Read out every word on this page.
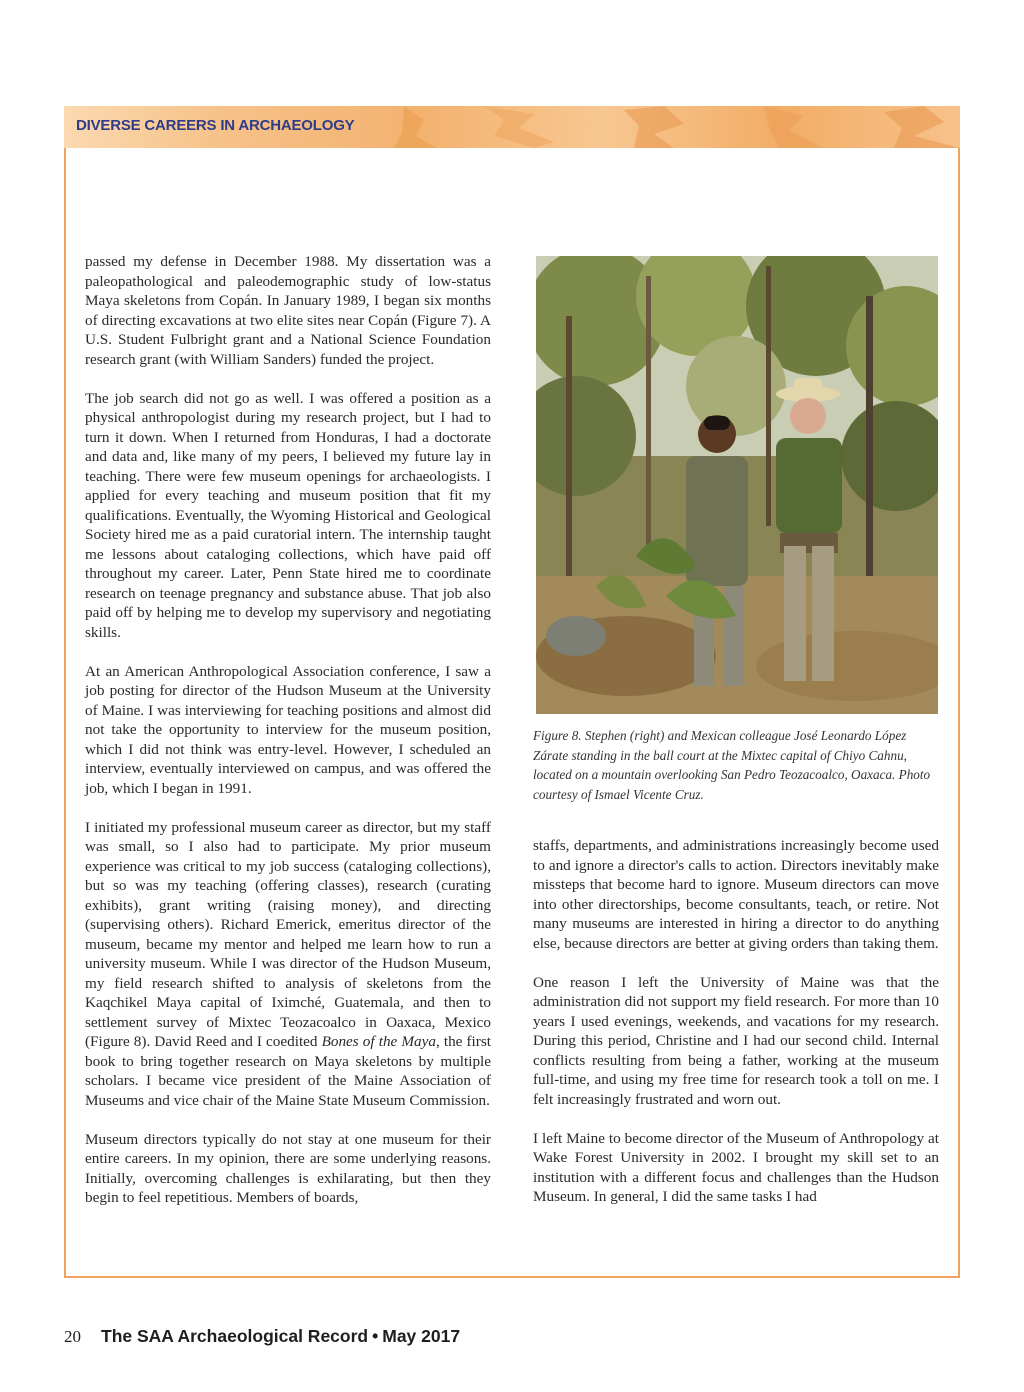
DIVERSE CAREERS IN ARCHAEOLOGY

passed my defense in December 1988. My dissertation was a paleopathological and paleodemographic study of low-status Maya skeletons from Copán. In January 1989, I began six months of directing excavations at two elite sites near Copán (Figure 7). A U.S. Student Fulbright grant and a National Science Foundation research grant (with William Sanders) funded the project.

The job search did not go as well. I was offered a position as a physical anthropologist during my research project, but I had to turn it down. When I returned from Honduras, I had a doctorate and data and, like many of my peers, I believed my future lay in teaching. There were few museum openings for archaeologists. I applied for every teaching and museum position that fit my qualifications. Eventually, the Wyoming Historical and Geological Society hired me as a paid curatorial intern. The internship taught me lessons about cataloging collections, which have paid off throughout my career. Later, Penn State hired me to coordinate research on teenage pregnancy and substance abuse. That job also paid off by helping me to develop my supervisory and negotiating skills.

At an American Anthropological Association conference, I saw a job posting for director of the Hudson Museum at the University of Maine. I was interviewing for teaching positions and almost did not take the opportunity to interview for the museum position, which I did not think was entry-level. However, I scheduled an interview, eventually interviewed on campus, and was offered the job, which I began in 1991.

I initiated my professional museum career as director, but my staff was small, so I also had to participate. My prior museum experience was critical to my job success (cataloging collections), but so was my teaching (offering classes), research (curating exhibits), grant writing (raising money), and directing (supervising others). Richard Emerick, emeritus director of the museum, became my mentor and helped me learn how to run a university museum. While I was director of the Hudson Museum, my field research shifted to analysis of skeletons from the Kaqchikel Maya capital of Iximché, Guatemala, and then to settlement survey of Mixtec Teozacoalco in Oaxaca, Mexico (Figure 8). David Reed and I coedited Bones of the Maya, the first book to bring together research on Maya skeletons by multiple scholars. I became vice president of the Maine Association of Museums and vice chair of the Maine State Museum Commission.

Museum directors typically do not stay at one museum for their entire careers. In my opinion, there are some underlying reasons. Initially, overcoming challenges is exhilarating, but then they begin to feel repetitious. Members of boards,

Figure 8. Stephen (right) and Mexican colleague José Leonardo López Zárate standing in the ball court at the Mixtec capital of Chiyo Cahnu, located on a mountain overlooking San Pedro Teozacoalco, Oaxaca. Photo courtesy of Ismael Vicente Cruz.

staffs, departments, and administrations increasingly become used to and ignore a director's calls to action. Directors inevitably make missteps that become hard to ignore. Museum directors can move into other directorships, become consultants, teach, or retire. Not many museums are interested in hiring a director to do anything else, because directors are better at giving orders than taking them.

One reason I left the University of Maine was that the administration did not support my field research. For more than 10 years I used evenings, weekends, and vacations for my research. During this period, Christine and I had our second child. Internal conflicts resulting from being a father, working at the museum full-time, and using my free time for research took a toll on me. I felt increasingly frustrated and worn out.

I left Maine to become director of the Museum of Anthropology at Wake Forest University in 2002. I brought my skill set to an institution with a different focus and challenges than the Hudson Museum. In general, I did the same tasks I had

20 The SAA Archaeological Record • May 2017
